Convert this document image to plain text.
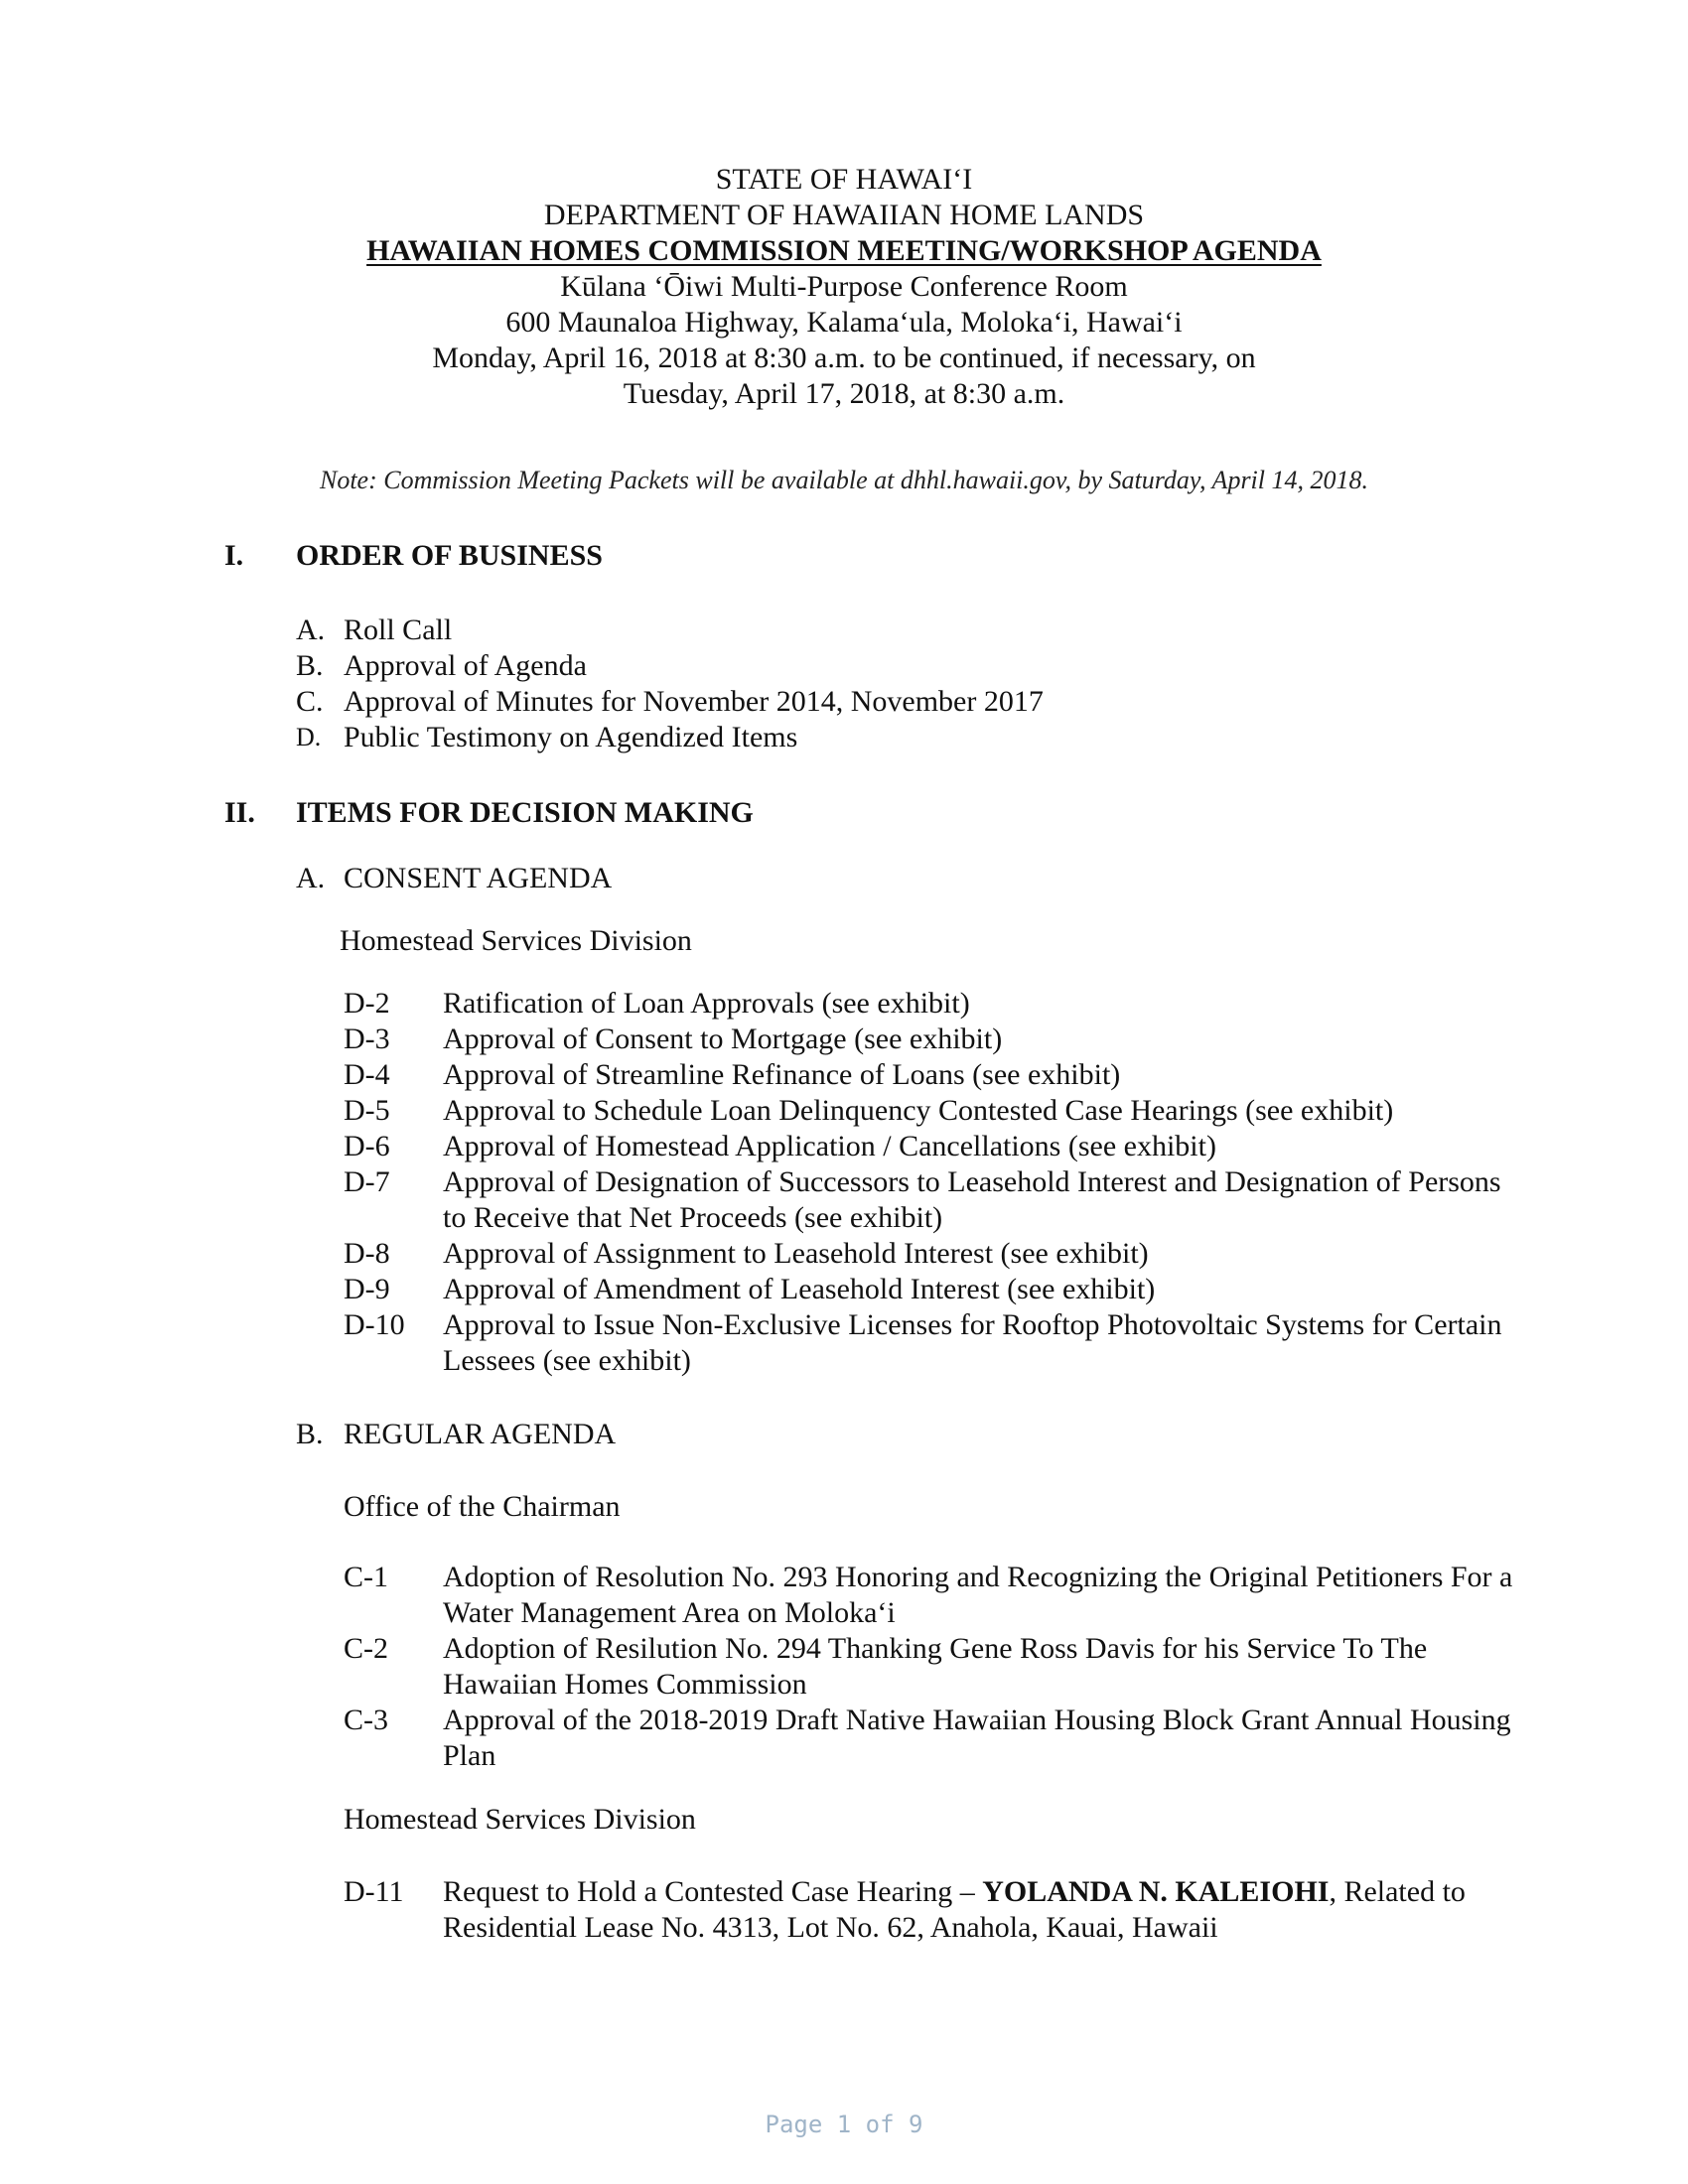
STATE OF HAWAI‘I
DEPARTMENT OF HAWAIIAN HOME LANDS
HAWAIIAN HOMES COMMISSION MEETING/WORKSHOP AGENDA
Kūlana ‘Ōiwi Multi-Purpose Conference Room
600 Maunaloa Highway, Kalama‘ula, Moloka‘i, Hawai‘i
Monday, April 16, 2018 at 8:30 a.m. to be continued, if necessary, on
Tuesday, April 17, 2018, at 8:30 a.m.
Note: Commission Meeting Packets will be available at dhhl.hawaii.gov, by Saturday, April 14, 2018.
I. ORDER OF BUSINESS
A. Roll Call
B. Approval of Agenda
C. Approval of Minutes for November 2014, November 2017
D. Public Testimony on Agendized Items
II. ITEMS FOR DECISION MAKING
A. CONSENT AGENDA
Homestead Services Division
D-2 Ratification of Loan Approvals (see exhibit)
D-3 Approval of Consent to Mortgage (see exhibit)
D-4 Approval of Streamline Refinance of Loans (see exhibit)
D-5 Approval to Schedule Loan Delinquency Contested Case Hearings (see exhibit)
D-6 Approval of Homestead Application / Cancellations (see exhibit)
D-7 Approval of Designation of Successors to Leasehold Interest and Designation of Persons to Receive that Net Proceeds (see exhibit)
D-8 Approval of Assignment to Leasehold Interest (see exhibit)
D-9 Approval of Amendment of Leasehold Interest (see exhibit)
D-10 Approval to Issue Non-Exclusive Licenses for Rooftop Photovoltaic Systems for Certain Lessees (see exhibit)
B. REGULAR AGENDA
Office of the Chairman
C-1 Adoption of Resolution No. 293 Honoring and Recognizing the Original Petitioners For a Water Management Area on Moloka‘i
C-2 Adoption of Resilution No. 294 Thanking Gene Ross Davis for his Service To The Hawaiian Homes Commission
C-3 Approval of the 2018-2019 Draft Native Hawaiian Housing Block Grant Annual Housing Plan
Homestead Services Division
D-11 Request to Hold a Contested Case Hearing – YOLANDA N. KALEIOHI, Related to Residential Lease No. 4313, Lot No. 62, Anahola, Kauai, Hawaii
Page 1 of 9
